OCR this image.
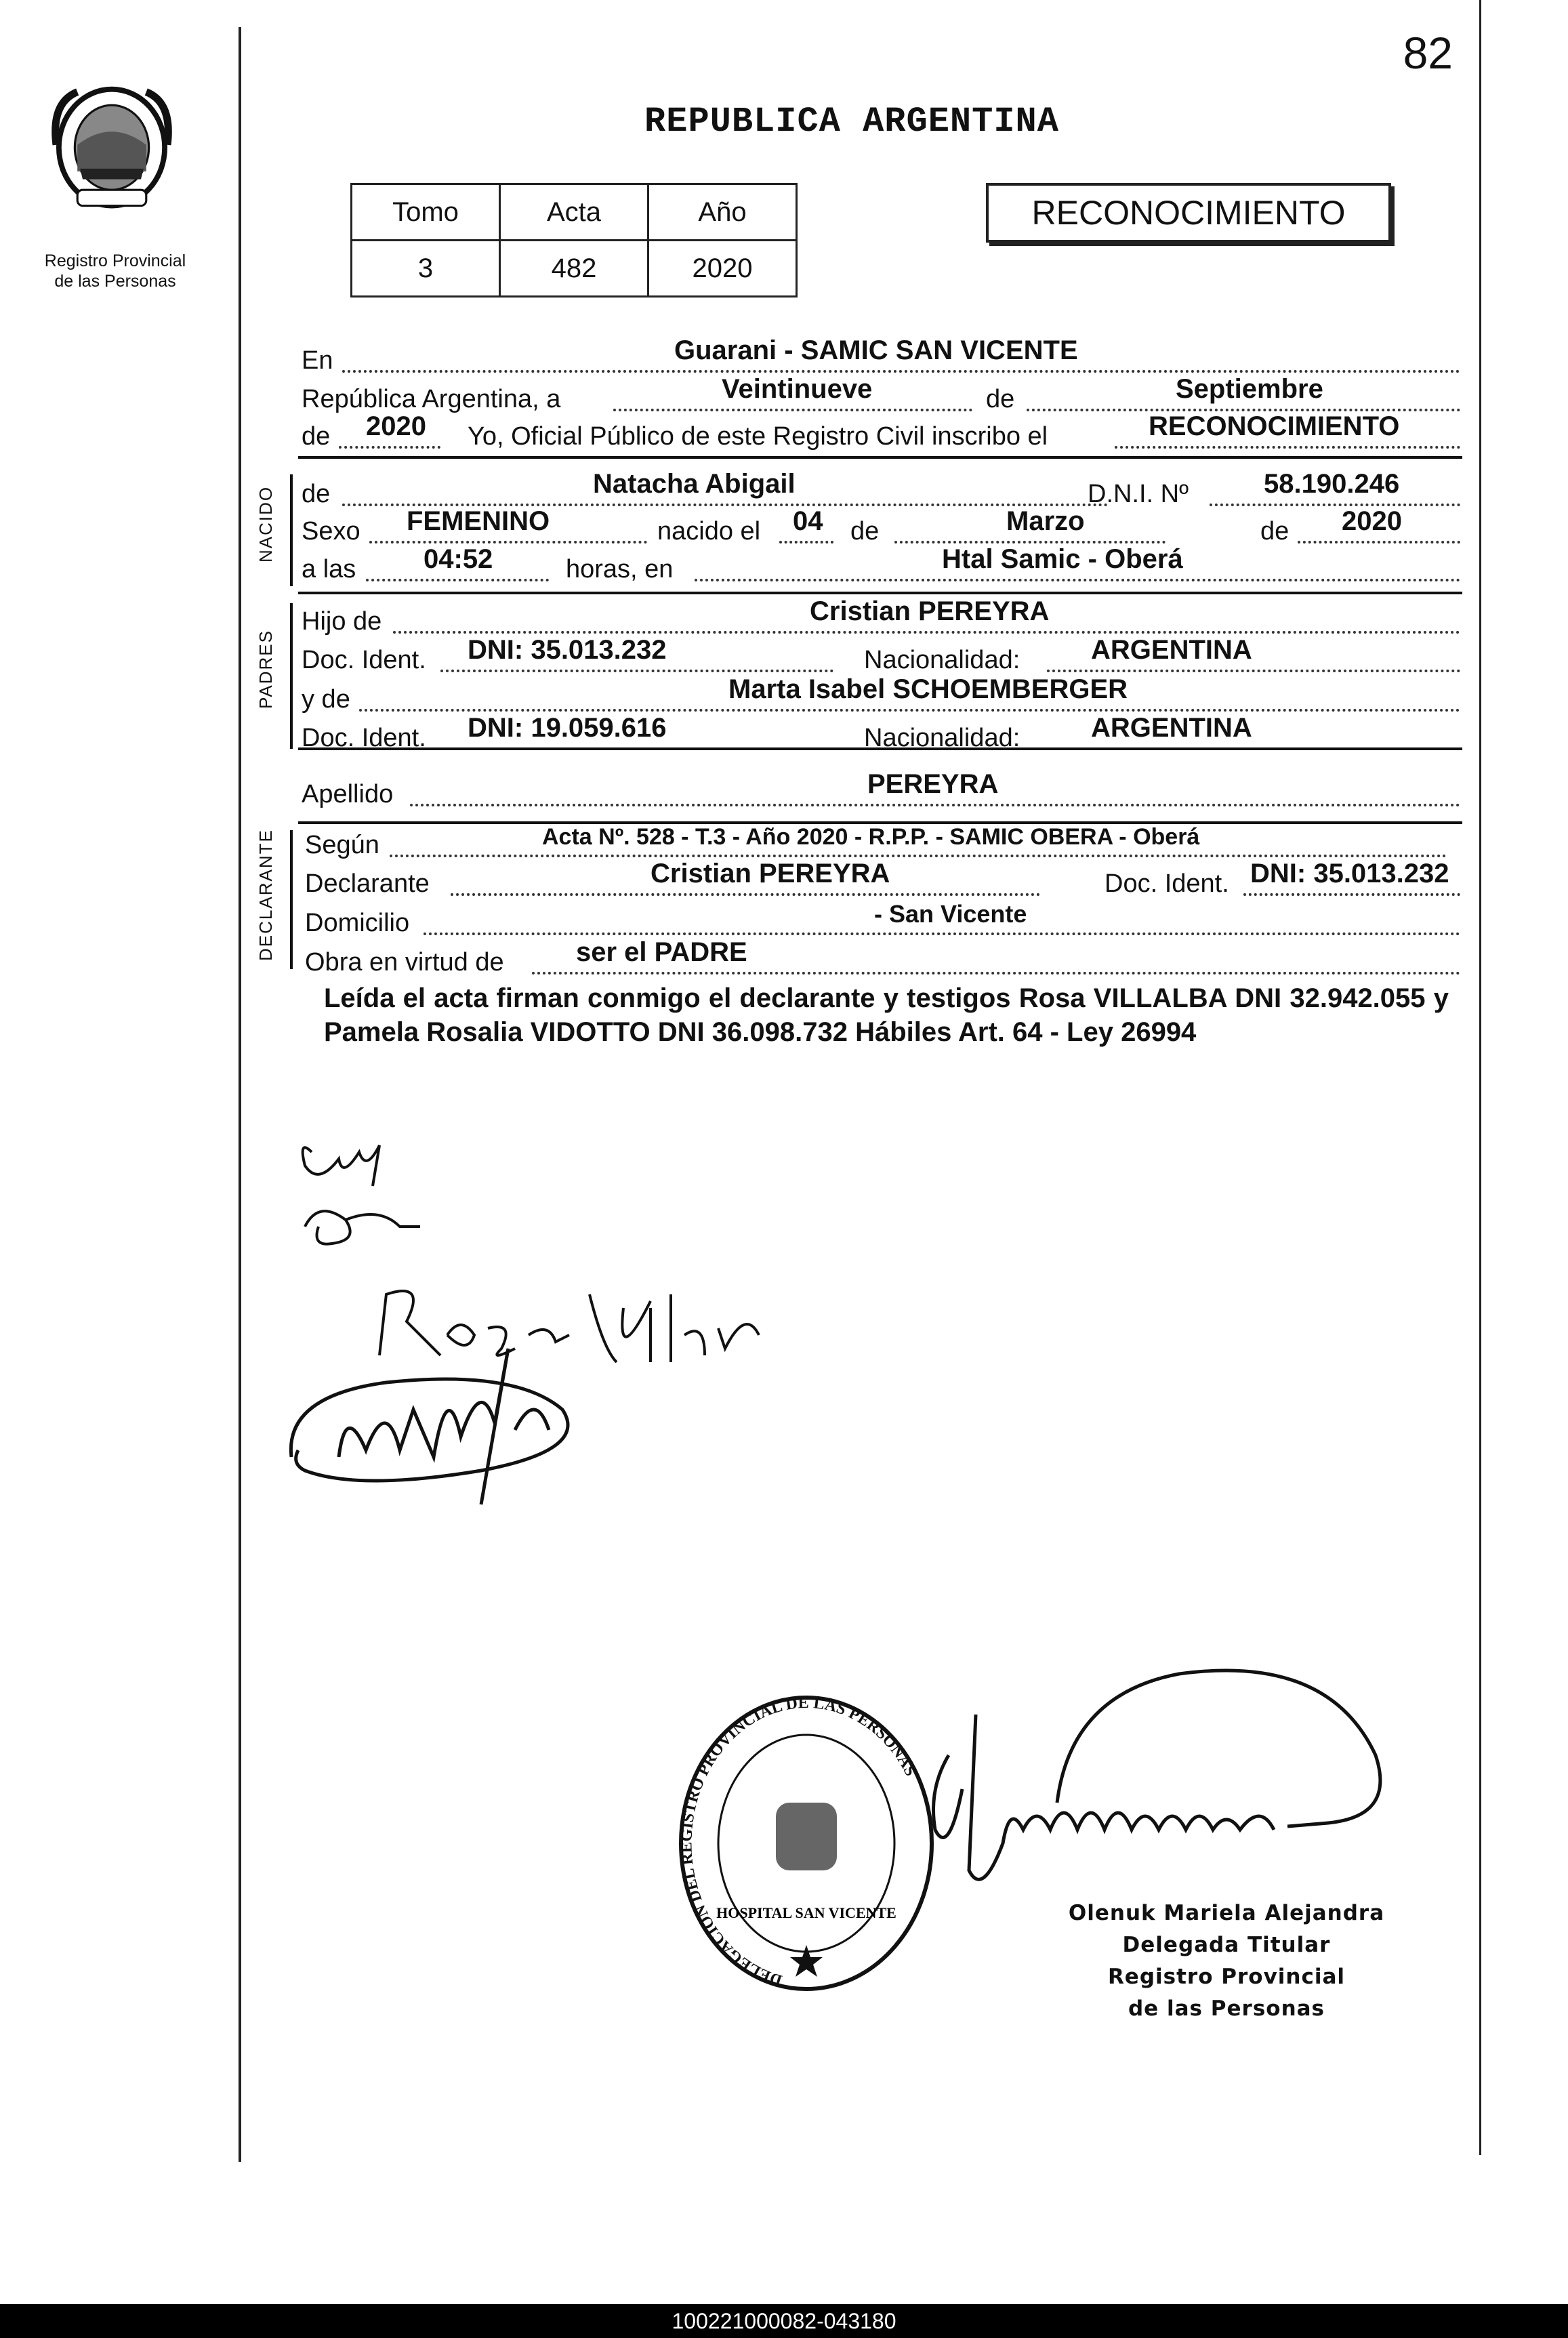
Registro Provincial
de las Personas
82
REPUBLICA ARGENTINA
Tomo	Acta	Año
3	482	2020
RECONOCIMIENTO
En	Guarani - SAMIC SAN VICENTE
República Argentina, a	Veintinueve	de	Septiembre
de 2020 Yo, Oficial Público de este Registro Civil inscribo el	RECONOCIMIENTO
NACIDO de	Natacha Abigail	D.N.I. Nº	58.190.246
Sexo FEMENINO	nacido el 04 de	Marzo	de 2020
a las 04:52	horas, en	Htal Samic - Oberá
PADRES
Hijo de	Cristian PEREYRA
Doc. Ident. DNI: 35.013.232	Nacionalidad:	ARGENTINA
y de	Marta Isabel SCHOEMBERGER
Doc. Ident. DNI: 19.059.616	Nacionalidad:	ARGENTINA
Apellido	PEREYRA
DECLARANTE Según	Acta Nº. 528 - T.3 - Año 2020 - R.P.P. - SAMIC OBERA - Oberá
Declarante	Cristian PEREYRA	Doc. Ident. DNI: 35.013.232
Domicilio	- San Vicente
Obra en virtud de	ser el PADRE
Leída el acta firman conmigo el declarante y testigos Rosa VILLALBA DNI 32.942.055 y Pamela Rosalia VIDOTTO DNI 36.098.732 Hábiles Art. 64 - Ley 26994
DELEGACION DEL REGISTRO PROVINCIAL DE LAS PERSONAS
HOSPITAL SAN VICENTE	Olenuk Mariela Alejandra
Delegada Titular
Registro Provincial
de las Personas
100221000082-043180
